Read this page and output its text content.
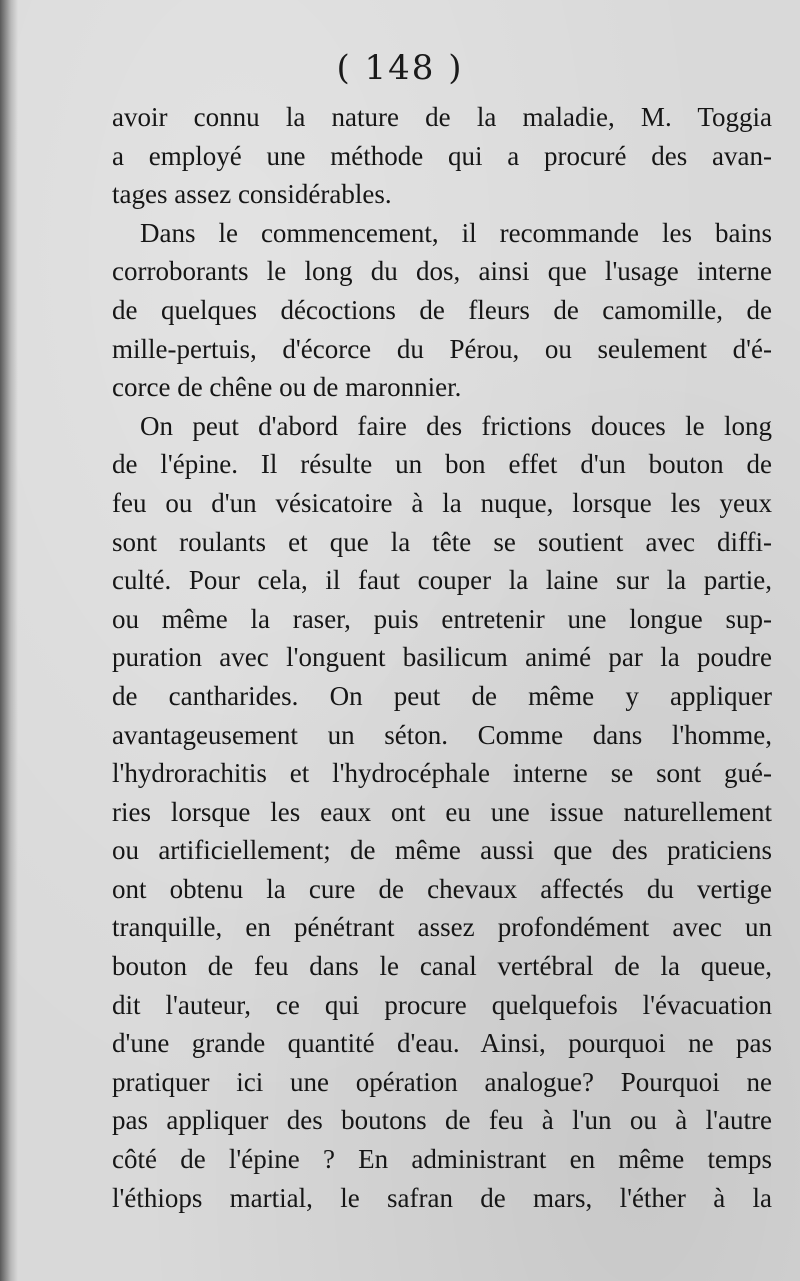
( 148 )
avoir connu la nature de la maladie, M. Toggia
a employé une méthode qui a procuré des avan-
tages assez considérables.
Dans le commencement, il recommande les bains
corroborants le long du dos, ainsi que l'usage interne
de quelques décoctions de fleurs de camomille, de
mille-pertuis, d'écorce du Pérou, ou seulement d'é-
corce de chêne ou de maronnier.
On peut d'abord faire des frictions douces le long
de l'épine. Il résulte un bon effet d'un bouton de
feu ou d'un vésicatoire à la nuque, lorsque les yeux
sont roulants et que la tête se soutient avec diffi-
culté. Pour cela, il faut couper la laine sur la partie,
ou même la raser, puis entretenir une longue sup-
puration avec l'onguent basilicum animé par la poudre
de cantharides. On peut de même y appliquer
avantageusement un séton. Comme dans l'homme,
l'hydrorachitis et l'hydrocéphale interne se sont gué-
ries lorsque les eaux ont eu une issue naturellement
ou artificiellement; de même aussi que des praticiens
ont obtenu la cure de chevaux affectés du vertige
tranquille, en pénétrant assez profondément avec un
bouton de feu dans le canal vertébral de la queue,
dit l'auteur, ce qui procure quelquefois l'évacuation
d'une grande quantité d'eau. Ainsi, pourquoi ne pas
pratiquer ici une opération analogue? Pourquoi ne
pas appliquer des boutons de feu à l'un ou à l'autre
côté de l'épine ? En administrant en même temps
l'éthiops martial, le safran de mars, l'éther à la
